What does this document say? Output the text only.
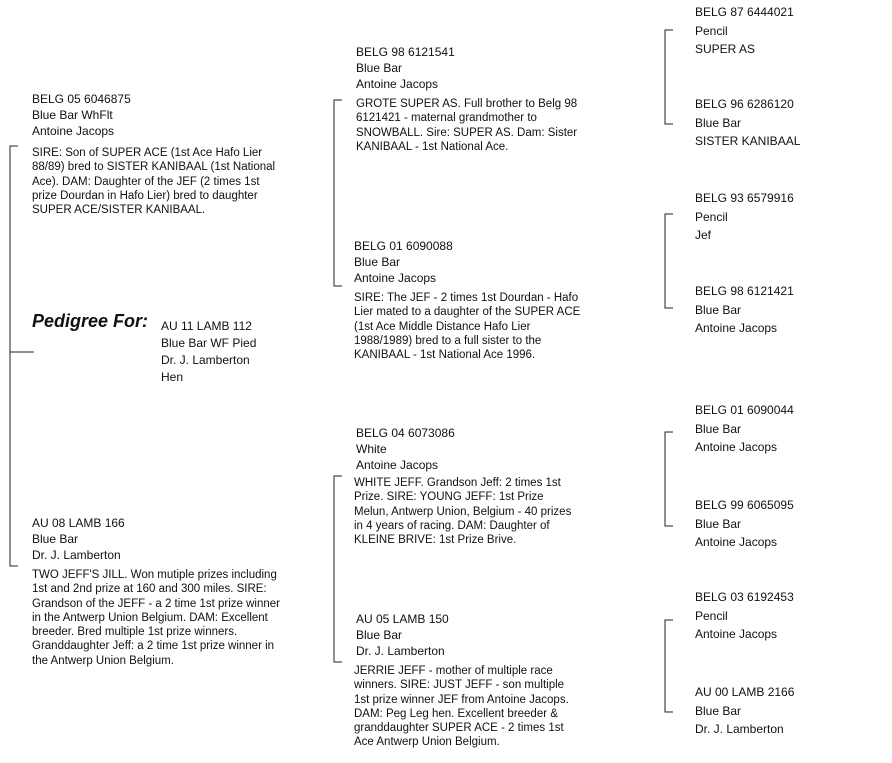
Pedigree For: AU 11 LAMB 112
Blue Bar WF Pied
Dr. J. Lamberton
Hen
BELG 05 6046875
Blue Bar WhFlt
Antoine Jacops
SIRE: Son of SUPER ACE (1st Ace Hafo Lier
88/89) bred to SISTER KANIBAAL (1st National
Ace). DAM: Daughter of the JEF (2 times 1st
prize Dourdan in Hafo Lier) bred to daughter
SUPER ACE/SISTER KANIBAAL.
AU 08 LAMB 166
Blue Bar
Dr. J. Lamberton
TWO JEFF'S JILL. Won mutiple prizes including
1st and 2nd prize at 160 and 300 miles. SIRE:
Grandson of the JEFF - a 2 time 1st prize winner
in the Antwerp Union Belgium. DAM: Excellent
breeder. Bred multiple 1st prize winners.
Granddaughter Jeff: a 2 time 1st prize winner in
the Antwerp Union Belgium.
BELG 98 6121541
Blue Bar
Antoine Jacops
GROTE SUPER AS. Full brother to Belg 98
6121421 - maternal grandmother to
SNOWBALL. Sire: SUPER AS. Dam: Sister
KANIBAAL - 1st National Ace.
BELG 01 6090088
Blue Bar
Antoine Jacops
SIRE: The JEF - 2 times 1st Dourdan - Hafo
Lier mated to a daughter of the SUPER ACE
(1st Ace Middle Distance Hafo Lier
1988/1989) bred to a full sister to the
KANIBAAL - 1st National Ace 1996.
BELG 04 6073086
White
Antoine Jacops
WHITE JEFF. Grandson Jeff: 2 times 1st
Prize. SIRE: YOUNG JEFF: 1st Prize
Melun, Antwerp Union, Belgium - 40 prizes
in 4 years of racing. DAM: Daughter of
KLEINE BRIVE: 1st Prize Brive.
AU 05 LAMB 150
Blue Bar
Dr. J. Lamberton
JERRIE JEFF - mother of multiple race
winners. SIRE: JUST JEFF - son multiple
1st prize winner JEF from Antoine Jacops.
DAM: Peg Leg hen. Excellent breeder &
granddaughter SUPER ACE - 2 times 1st
Ace Antwerp Union Belgium.
BELG 87 6444021
Pencil
SUPER AS
BELG 96 6286120
Blue Bar
SISTER KANIBAAL
BELG 93 6579916
Pencil
Jef
BELG 98 6121421
Blue Bar
Antoine Jacops
BELG 01 6090044
Blue Bar
Antoine Jacops
BELG 99 6065095
Blue Bar
Antoine Jacops
BELG 03 6192453
Pencil
Antoine Jacops
AU 00 LAMB 2166
Blue Bar
Dr. J. Lamberton
